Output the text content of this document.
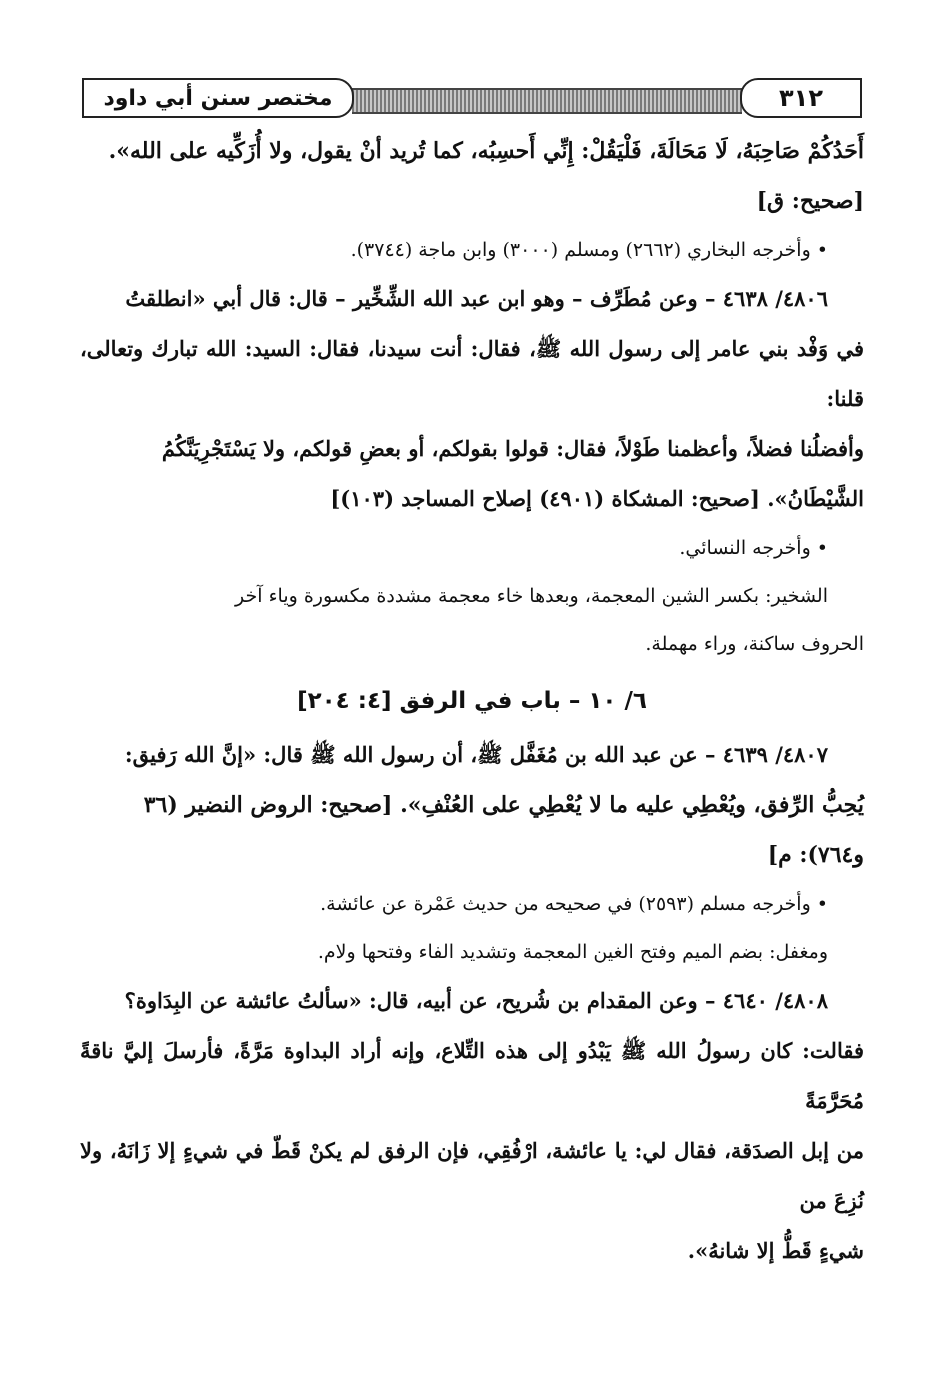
مختصر سنن أبي داود	٣١٢

أَحَدُكُمْ صَاحِبَهُ، لَا مَحَالَةَ، فَلْيَقُلْ: إِنِّي أَحسِبُه، كما تُريد أنْ يقول، ولا أُزَكِّيه على الله».

[صحيح: ق]

• وأخرجه البخاري (٢٦٦٢) ومسلم (٣٠٠٠) وابن ماجة (٣٧٤٤).

٤٨٠٦/ ٤٦٣٨ – وعن مُطَرِّف – وهو ابن عبد الله الشِّخِّير – قال: قال أبي «انطلقتُ

في وَفْد بني عامر إلى رسول الله ﷺ، فقال: أنت سيدنا، فقال: السيد: الله تبارك وتعالى، قلنا:

وأفضلُنا فضلاً، وأعظمنا طَوْلاً، فقال: قولوا بقولكم، أو بعضِ قولكم، ولا يَسْتَجْرِيَنَّكُمُ

الشَّيْطَانُ». [صحيح: المشكاة (٤٩٠١) إصلاح المساجد (١٠٣)]

• وأخرجه النسائي.

الشخير: بكسر الشين المعجمة، وبعدها خاء معجمة مشددة مكسورة وياء آخر

الحروف ساكنة، وراء مهملة.

٦/ ١٠ – باب في الرفق [٤: ٢٠٤]

٤٨٠٧/ ٤٦٣٩ – عن عبد الله بن مُغَفَّل ﷺ، أن رسول الله ﷺ قال: «إنَّ الله رَفيق:

يُحِبُّ الرِّفق، ويُعْطِي عليه ما لا يُعْطِي على العُنْفِ». [صحيح: الروض النضير (٣٦

و٧٦٤): م]

• وأخرجه مسلم (٢٥٩٣) في صحيحه من حديث عَمْرة عن عائشة.

ومغفل: بضم الميم وفتح الغين المعجمة وتشديد الفاء وفتحها ولام.

٤٨٠٨/ ٤٦٤٠ – وعن المقدام بن شُريح، عن أبيه، قال: «سألتُ عائشة عن البِدَاوة؟

فقالت: كان رسولُ الله ﷺ يَبْدُو إلى هذه التِّلاع، وإنه أراد البداوة مَرَّةً، فأرسلَ إليَّ ناقةً مُحَرَّمَةً

من إبل الصدَقة، فقال لي: يا عائشة، ارْفُقِي، فإن الرفق لم يكنْ قَطّ في شيءٍ إلا زَانَهُ، ولا نُزِعَ من

شيءٍ قَطُّ إلا شانهُ».
